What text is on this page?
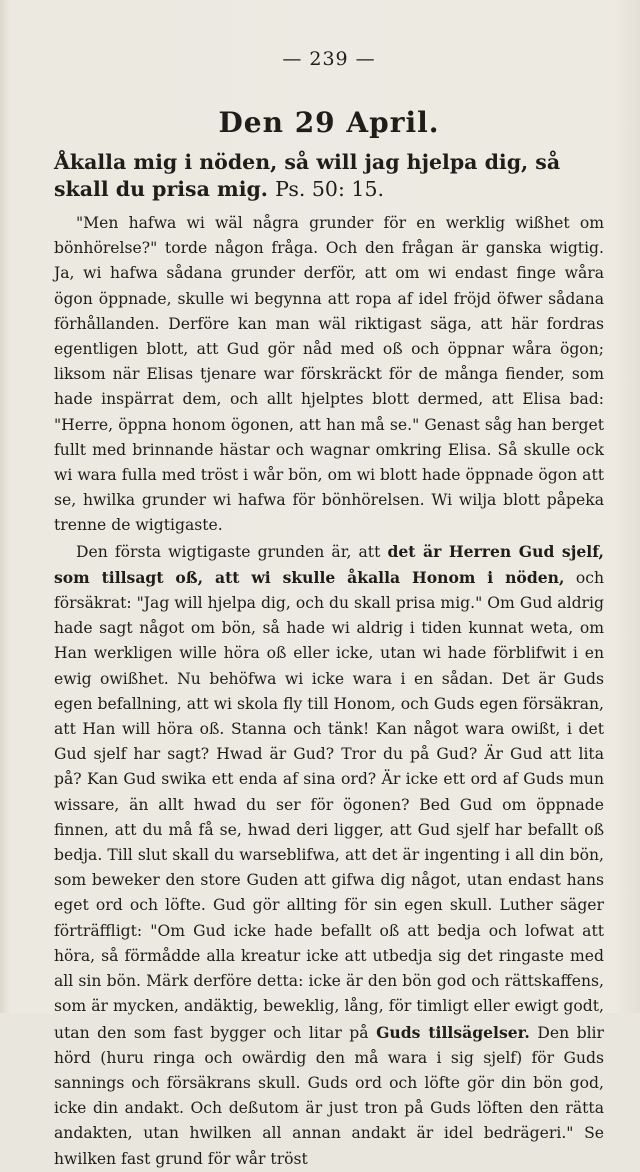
— 239 —
Den 29 April.
Åkalla mig i nöden, så will jag hjelpa dig, så skall du prisa mig. Ps. 50: 15.

"Men hafwa wi wäl några grunder för en werklig wißhet om bönhörelse?" torde någon fråga. Och den frågan är ganska wigtig. Ja, wi hafwa sådana grunder derför, att om wi endast finge wåra ögon öppnade, skulle wi begynna att ropa af idel fröjd öfwer sådana förhållanden. Derföre kan man wäl riktigast säga, att här fordras egentligen blott, att Gud gör nåd med oß och öppnar wåra ögon; liksom när Elisas tjenare war förskräckt för de många fiender, som hade inspärrat dem, och allt hjelptes blott dermed, att Elisa bad: "Herre, öppna honom ögonen, att han må se." Genast såg han berget fullt med brinnande hästar och wagnar omkring Elisa. Så skulle ock wi wara fulla med tröst i wår bön, om wi blott hade öppnade ögon att se, hwilka grunder wi hafwa för bönhörelsen. Wi wilja blott påpeka trenne de wigtigaste.

Den första wigtigaste grunden är, att det är Herren Gud sjelf, som tillsagt oß, att wi skulle åkalla Honom i nöden, och försäkrat: "Jag will hjelpa dig, och du skall prisa mig." Om Gud aldrig hade sagt något om bön, så hade wi aldrig i tiden kunnat weta, om Han werkligen wille höra oß eller icke, utan wi hade förblifwit i en ewig owißhet. Nu behöfwa wi icke wara i en sådan. Det är Guds egen befallning, att wi skola fly till Honom, och Guds egen försäkran, att Han will höra oß. Stanna och tänk! Kan något wara owißt, i det Gud sjelf har sagt? Hwad är Gud? Tror du på Gud? Är Gud att lita på? Kan Gud swika ett enda af sina ord? Är icke ett ord af Guds mun wissare, än allt hwad du ser för ögonen? Bed Gud om öppnade finnen, att du må få se, hwad deri ligger, att Gud sjelf har befallt oß bedja. Till slut skall du warseblifwa, att det är ingenting i all din bön, som beweker den store Guden att gifwa dig något, utan endast hans eget ord och löfte. Gud gör allting för sin egen skull. Luther säger förträffligt: "Om Gud icke hade befallt oß att bedja och lofwat att höra, så förmådde alla kreatur icke att utbedja sig det ringaste med all sin bön. Märk derföre detta: icke är den bön god och rättskaffens, som är mycken, andäktig, beweklig, lång, för timligt eller ewigt godt, utan den som fast bygger och litar på Guds tillsägelser. Den blir hörd (huru ringa och owärdig den må wara i sig sjelf) för Guds sannings och försäkrans skull. Guds ord och löfte gör din bön god, icke din andakt. Och deßutom är just tron på Guds löften den rätta andakten, utan hwilken all annan andakt är idel bedrägeri." Se hwilken fast grund för wår tröst
